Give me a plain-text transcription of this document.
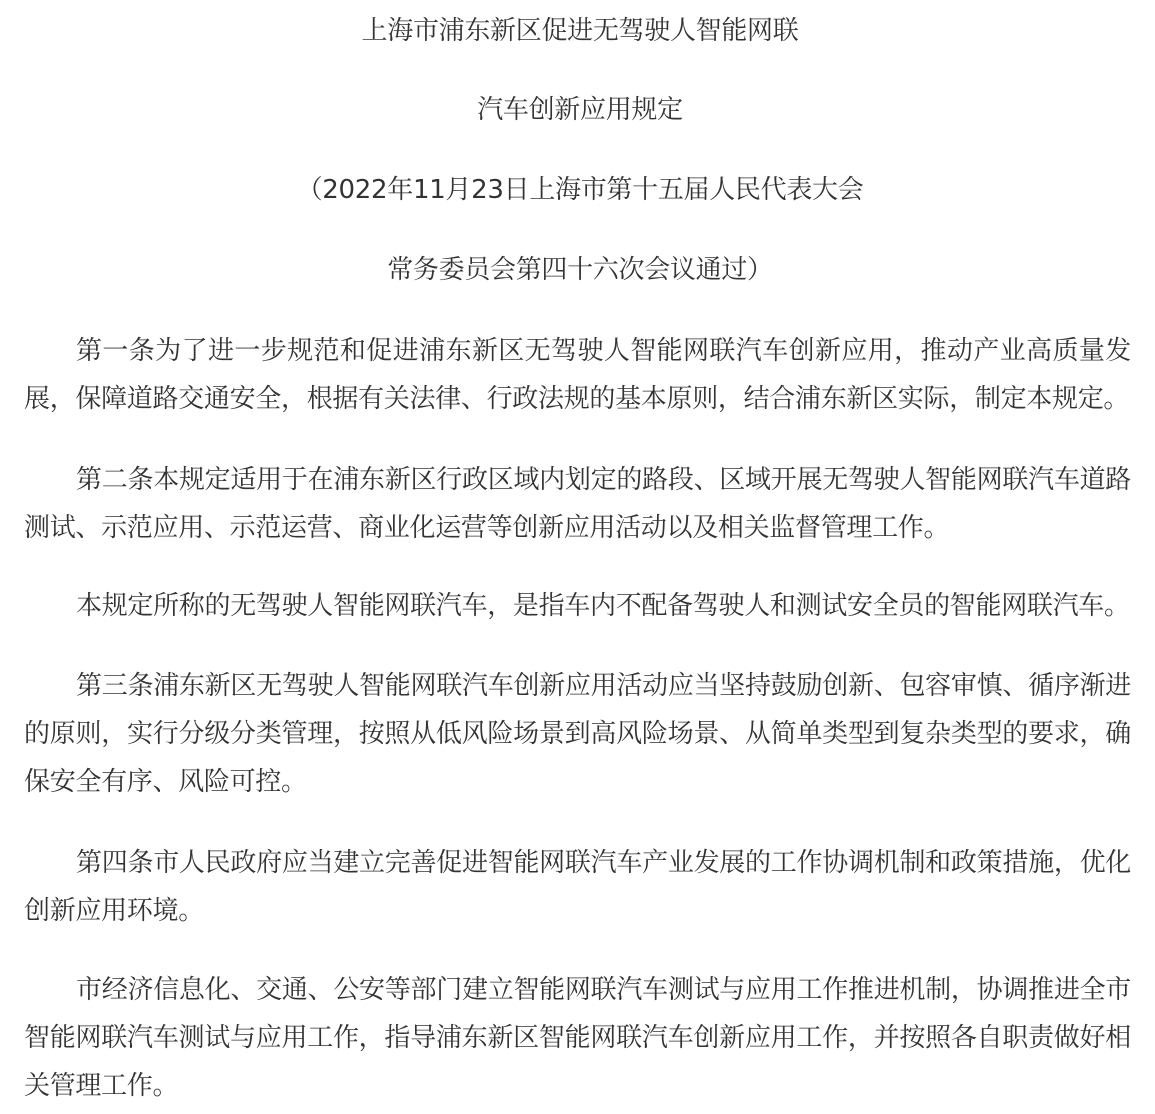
上海市浦东新区促进无驾驶人智能网联

汽车创新应用规定

（2022年11月23日上海市第十五届人民代表大会

常务委员会第四十六次会议通过）

第一条为了进一步规范和促进浦东新区无驾驶人智能网联汽车创新应用，推动产业高质量发展，保障道路交通安全，根据有关法律、行政法规的基本原则，结合浦东新区实际，制定本规定。

第二条本规定适用于在浦东新区行政区域内划定的路段、区域开展无驾驶人智能网联汽车道路测试、示范应用、示范运营、商业化运营等创新应用活动以及相关监督管理工作。

本规定所称的无驾驶人智能网联汽车，是指车内不配备驾驶人和测试安全员的智能网联汽车。

第三条浦东新区无驾驶人智能网联汽车创新应用活动应当坚持鼓励创新、包容审慎、循序渐进的原则，实行分级分类管理，按照从低风险场景到高风险场景、从简单类型到复杂类型的要求，确保安全有序、风险可控。

第四条市人民政府应当建立完善促进智能网联汽车产业发展的工作协调机制和政策措施，优化创新应用环境。

市经济信息化、交通、公安等部门建立智能网联汽车测试与应用工作推进机制，协调推进全市智能网联汽车测试与应用工作，指导浦东新区智能网联汽车创新应用工作，并按照各自职责做好相关管理工作。
